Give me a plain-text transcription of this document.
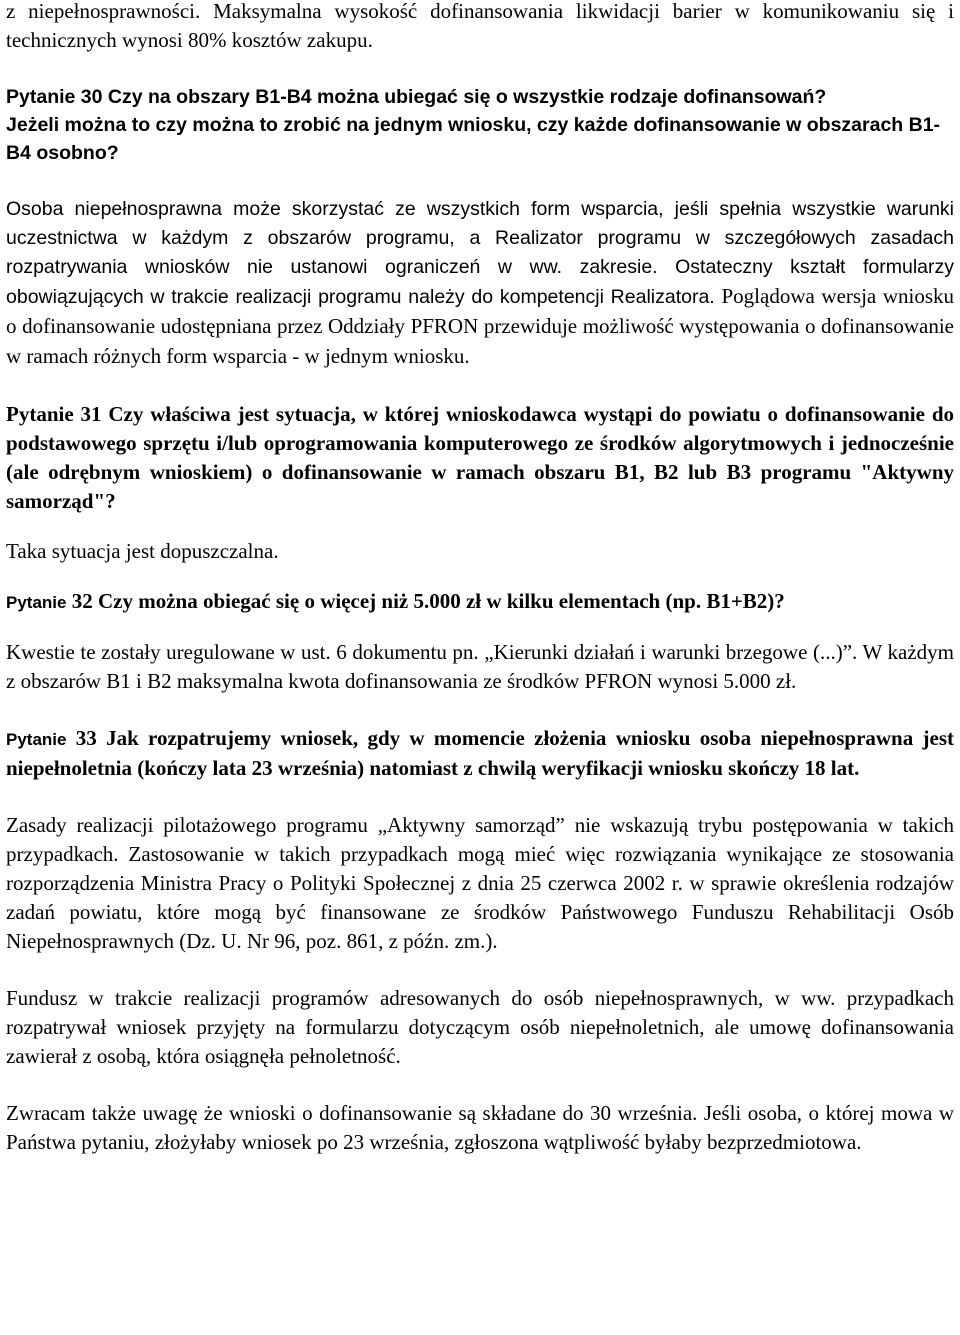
z niepełnosprawności. Maksymalna wysokość dofinansowania likwidacji barier w komunikowaniu się i technicznych wynosi 80% kosztów zakupu.

Pytanie 30 Czy na obszary B1-B4 można ubiegać się o wszystkie rodzaje dofinansowań?
Jeżeli można to czy można to zrobić na jednym wniosku, czy każde dofinansowanie w obszarach B1-B4 osobno?

Osoba niepełnosprawna może skorzystać ze wszystkich form wsparcia, jeśli spełnia wszystkie warunki uczestnictwa w każdym z obszarów programu, a Realizator programu w szczegółowych zasadach rozpatrywania wniosków nie ustanowi ograniczeń w ww. zakresie. Ostateczny kształt formularzy obowiązujących w trakcie realizacji programu należy do kompetencji Realizatora. Poglądowa wersja wniosku o dofinansowanie udostępniana przez Oddziały PFRON przewiduje możliwość występowania o dofinansowanie w ramach różnych form wsparcia - w jednym wniosku.

Pytanie 31 Czy właściwa jest sytuacja, w której wnioskodawca wystąpi do powiatu o dofinansowanie do podstawowego sprzętu i/lub oprogramowania komputerowego ze środków algorytmowych i jednocześnie (ale odrębnym wnioskiem) o dofinansowanie w ramach obszaru B1, B2 lub B3 programu "Aktywny samorząd"?

Taka sytuacja jest dopuszczalna.

Pytanie 32 Czy można obiegać się o więcej niż 5.000 zł w kilku elementach (np. B1+B2)?

Kwestie te zostały uregulowane w ust. 6 dokumentu pn. „Kierunki działań i warunki brzegowe (...)”. W każdym z obszarów B1 i B2 maksymalna kwota dofinansowania ze środków PFRON wynosi 5.000 zł.

Pytanie 33 Jak rozpatrujemy wniosek, gdy w momencie złożenia wniosku osoba niepełnosprawna jest niepełnoletnia (kończy lata 23 września) natomiast z chwilą weryfikacji wniosku skończy 18 lat.

Zasady realizacji pilotażowego programu „Aktywny samorząd” nie wskazują trybu postępowania w takich przypadkach. Zastosowanie w takich przypadkach mogą mieć więc rozwiązania wynikające ze stosowania rozporządzenia Ministra Pracy o Polityki Społecznej z dnia 25 czerwca 2002 r. w sprawie określenia rodzajów zadań powiatu, które mogą być finansowane ze środków Państwowego Funduszu Rehabilitacji Osób Niepełnosprawnych (Dz. U. Nr 96, poz. 861, z późn. zm.).

Fundusz w trakcie realizacji programów adresowanych do osób niepełnosprawnych, w ww. przypadkach rozpatrywał wniosek przyjęty na formularzu dotyczącym osób niepełnoletnich, ale umowę dofinansowania zawierał z osobą, która osiągnęła pełnoletność.

Zwracam także uwagę że wnioski o dofinansowanie są składane do 30 września. Jeśli osoba, o której mowa w Państwa pytaniu, złożyłaby wniosek po 23 września, zgłoszona wątpliwość byłaby bezprzedmiotowa.
